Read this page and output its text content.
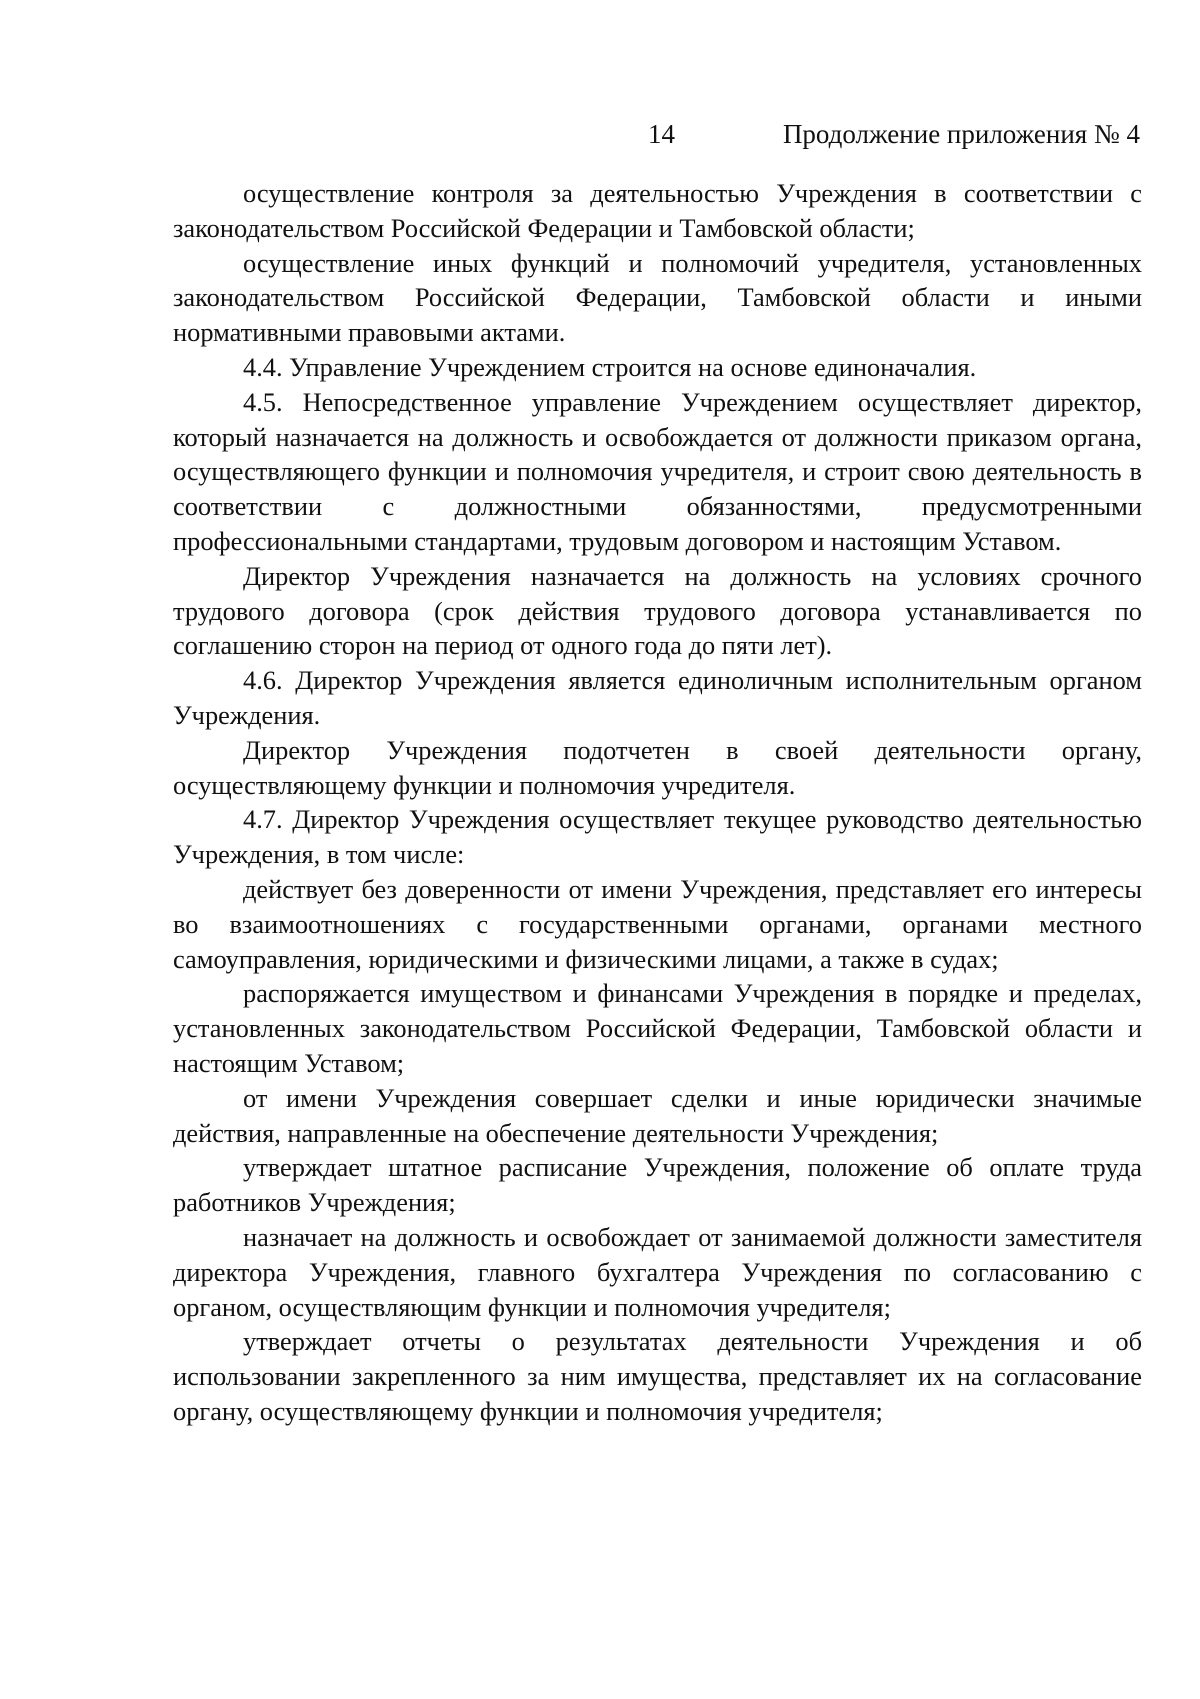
14	Продолжение приложения № 4

осуществление контроля за деятельностью Учреждения в соответствии с законодательством Российской Федерации и Тамбовской области;

осуществление иных функций и полномочий учредителя, установленных законодательством Российской Федерации, Тамбовской области и иными нормативными правовыми актами.

4.4. Управление Учреждением строится на основе единоначалия.

4.5. Непосредственное управление Учреждением осуществляет директор, который назначается на должность и освобождается от должности приказом органа, осуществляющего функции и полномочия учредителя, и строит свою деятельность в соответствии с должностными обязанностями, предусмотренными профессиональными стандартами, трудовым договором и настоящим Уставом.

Директор Учреждения назначается на должность на условиях срочного трудового договора (срок действия трудового договора устанавливается по соглашению сторон на период от одного года до пяти лет).

4.6. Директор Учреждения является единоличным исполнительным органом Учреждения.

Директор Учреждения подотчетен в своей деятельности органу, осуществляющему функции и полномочия учредителя.

4.7. Директор Учреждения осуществляет текущее руководство деятельностью Учреждения, в том числе:

действует без доверенности от имени Учреждения, представляет его интересы во взаимоотношениях с государственными органами, органами местного самоуправления, юридическими и физическими лицами, а также в судах;

распоряжается имуществом и финансами Учреждения в порядке и пределах, установленных законодательством Российской Федерации, Тамбовской области и настоящим Уставом;

от имени Учреждения совершает сделки и иные юридически значимые действия, направленные на обеспечение деятельности Учреждения;

утверждает штатное расписание Учреждения, положение об оплате труда работников Учреждения;

назначает на должность и освобождает от занимаемой должности заместителя директора Учреждения, главного бухгалтера Учреждения по согласованию с органом, осуществляющим функции и полномочия учредителя;

утверждает отчеты о результатах деятельности Учреждения и об использовании закрепленного за ним имущества, представляет их на согласование органу, осуществляющему функции и полномочия учредителя;
